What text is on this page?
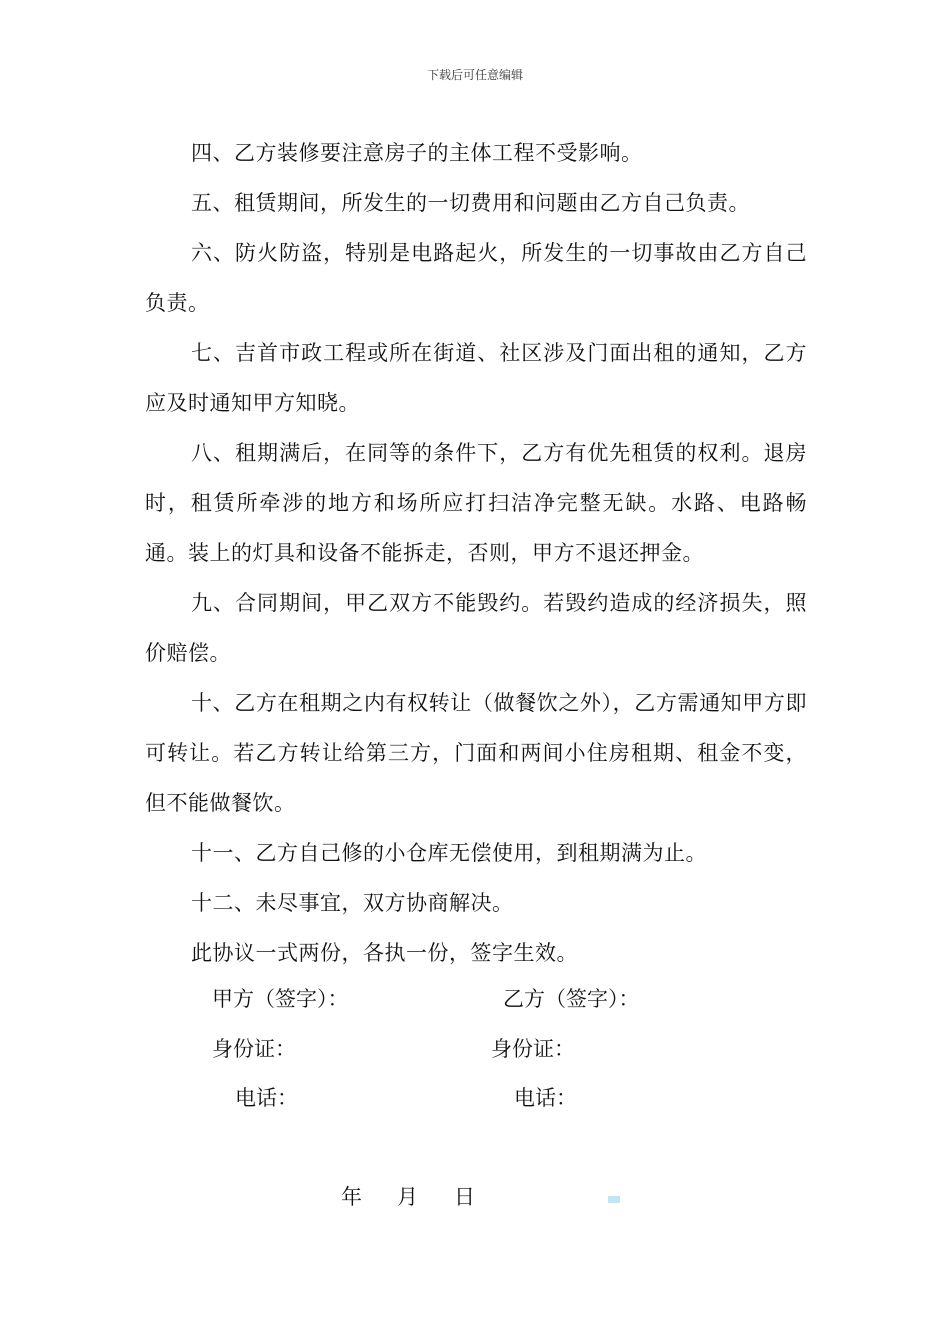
下载后可任意编辑

四、乙方装修要注意房子的主体工程不受影响。

五、租赁期间，所发生的一切费用和问题由乙方自己负责。

六、防火防盗，特别是电路起火，所发生的一切事故由乙方自己负责。

七、吉首市政工程或所在街道、社区涉及门面出租的通知，乙方应及时通知甲方知晓。

八、租期满后，在同等的条件下，乙方有优先租赁的权利。退房时，租赁所牵涉的地方和场所应打扫洁净完整无缺。水路、电路畅通。装上的灯具和设备不能拆走，否则，甲方不退还押金。

九、合同期间，甲乙双方不能毁约。若毁约造成的经济损失，照价赔偿。

十、乙方在租期之内有权转让（做餐饮之外），乙方需通知甲方即可转让。若乙方转让给第三方，门面和两间小住房租期、租金不变，但不能做餐饮。

十一、乙方自己修的小仓库无偿使用，到租期满为止。

十二、未尽事宜，双方协商解决。

此协议一式两份，各执一份，签字生效。

甲方（签字）：	乙方（签字）：
身份证：	身份证：
电话：	电话：
年 月 日
